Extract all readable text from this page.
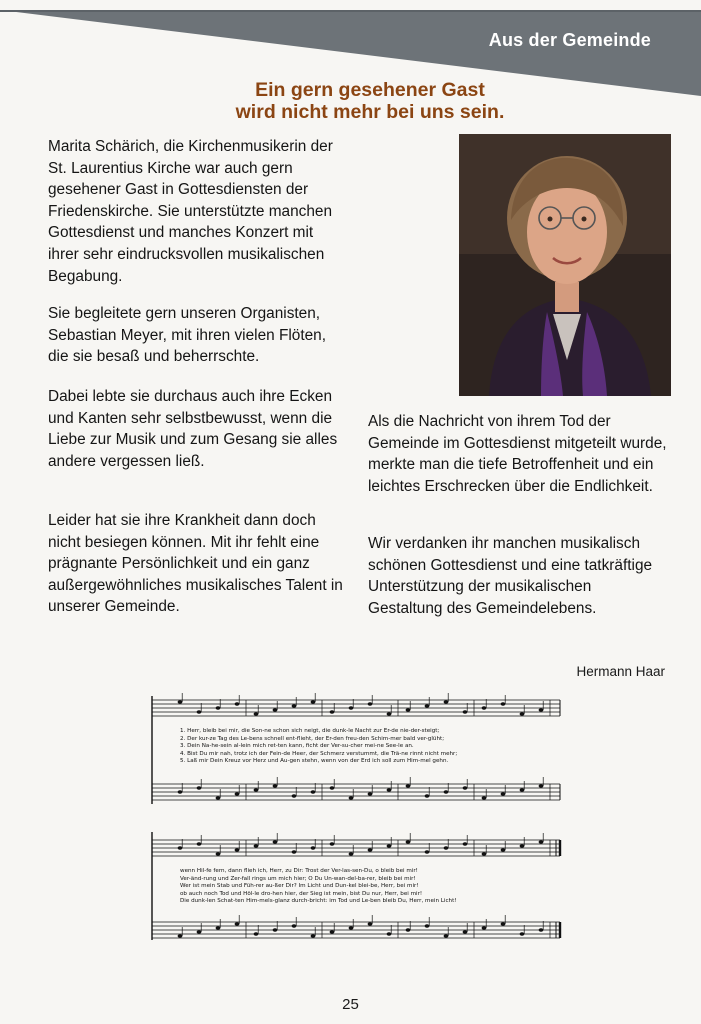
Aus der Gemeinde
Ein gern gesehener Gast
wird nicht mehr bei uns sein.

Marita Schärich, die Kirchenmusikerin der St. Laurentius Kirche war auch gern gesehener Gast in Gottesdiensten der Friedenskirche. Sie unterstützte manchen Gottesdienst und manches Konzert mit ihrer sehr eindrucksvollen musikalischen Begabung.

Sie begleitete gern unseren Organisten, Sebastian Meyer, mit ihren vielen Flöten, die sie besaß und beherrschte.

Dabei lebte sie durchaus auch ihre Ecken und Kanten sehr selbstbewusst, wenn die Liebe zur Musik und zum Gesang sie alles andere vergessen ließ.

Leider hat sie ihre Krankheit dann doch nicht besiegen können. Mit ihr fehlt eine prägnante Persönlichkeit und ein ganz außergewöhnliches musikalisches Talent in unserer Gemeinde.

Als die Nachricht von ihrem Tod der Gemeinde im Gottesdienst mitgeteilt wurde, merkte man die tiefe Betroffenheit und ein leichtes Erschrecken über die Endlichkeit.

Wir verdanken ihr manchen musikalisch schönen Gottesdienst und eine tatkräftige Unterstützung der musikalischen Gestaltung des Gemeindelebens.

Hermann Haar
1. Herr, bleib bei mir, die Son-ne schon sich neigt, die dunk-le Nacht zur Er-de nie-der-steigt;
2. Der kur-ze Tag des Le-bens schnell ent-flieht, der Er-den freu-den Schim-mer bald ver-glüht;
3. Dein Na-he-sein al-lein mich ret-ten kann, ficht der Ver-su-cher mei-ne See-le an.
4. Bist Du mir nah, trotz ich der Fein-de Heer, der Schmerz verstummt, die Trä-ne rinnt nicht mehr;
5. Laß mir Dein Kreuz vor Herz und Au-gen stehn, wenn von der Erd ich soll zum Him-mel gehn.
wenn Hil-fe fern, dann flieh ich, Herr, zu Dir: Trost der Ver-las-sen-Du, o bleib bei mir!
Ver-änd-rung und Zer-fall rings um mich hier; O Du Un-wan-del-ba-rer, bleib bei mir!
Wer ist mein Stab und Füh-rer au-ßer Dir? Im Licht und Dun-kel blei-be, Herr, bei mir!
ob auch noch Tod und Höl-le dro-hen hier, der Sieg ist mein, bist Du nur, Herr, bei mir!
Die dunk-len Schat-ten Him-mels-glanz durch-bricht: im Tod und Le-ben bleib Du, Herr, mein Licht!
25
